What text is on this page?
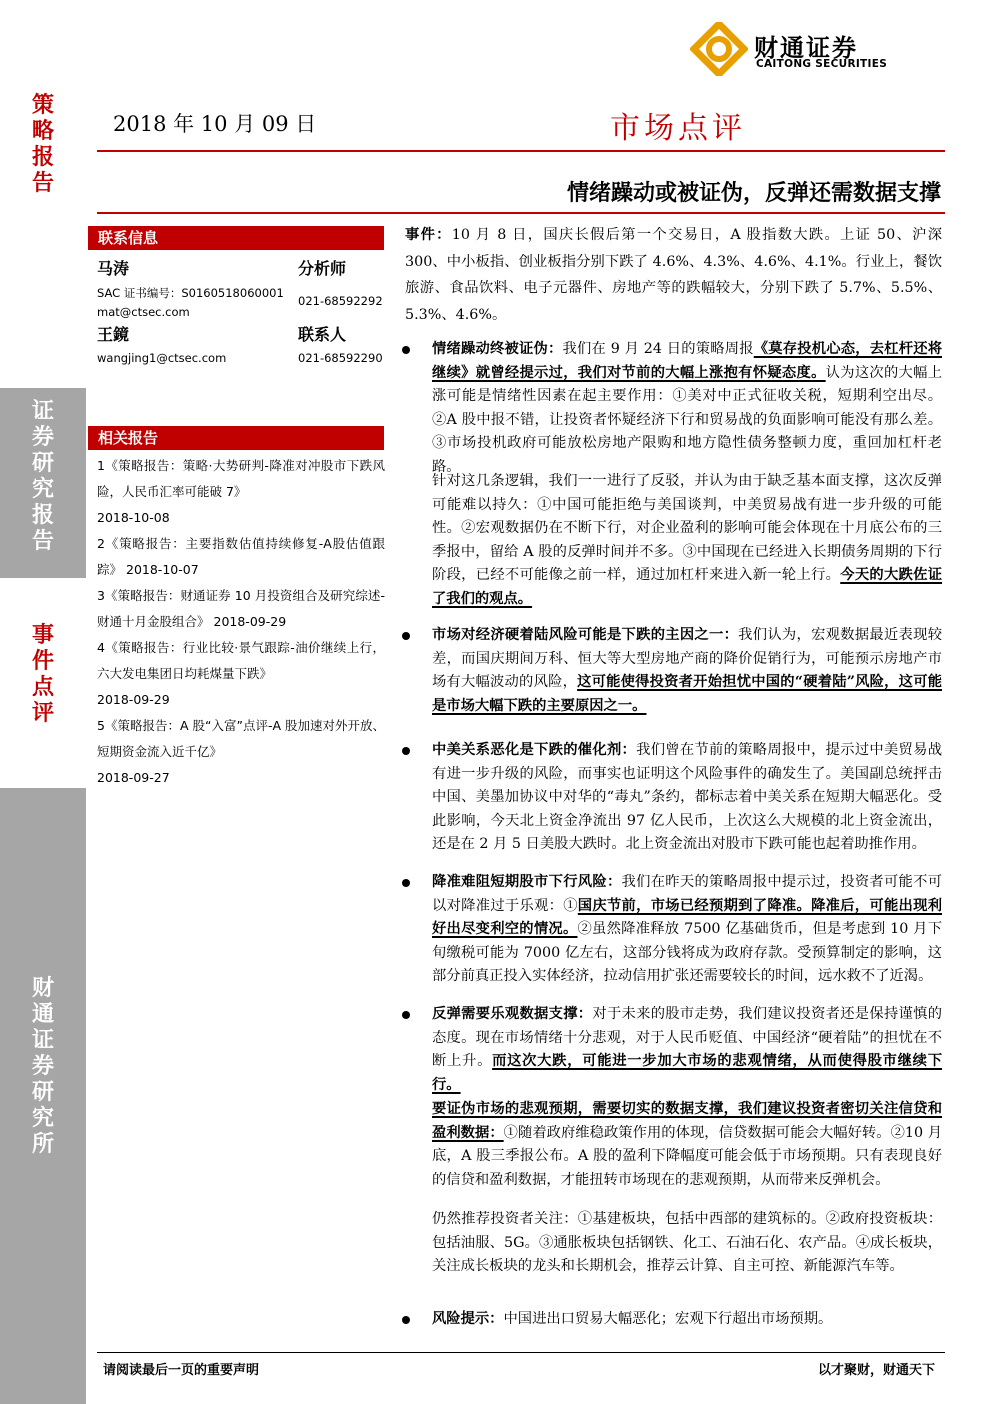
策
略
报
告
证
券
研
究
报
告
事
件
点
评
财
通
证
券
研
究
所
财通证券
CAITONG SECURITIES
2018 年 10 月 09 日	市场点评
情绪躁动或被证伪，反弹还需数据支撑
联系信息
马涛	分析师
SAC 证书编号：S0160518060001
021-68592292
mat@ctsec.com
王鏡	联系人
wangjing1@ctsec.com	021-68592290
相关报告
1《策略报告：策略·大势研判-降准对冲股市下跌风险，人民币汇率可能破 7》
2018-10-08
2《策略报告：主要指数估值持续修复-A股估值跟踪》 2018-10-07
3《策略报告：财通证券 10 月投资组合及研究综述-财通十月金股组合》 2018-09-29
4《策略报告：行业比较·景气跟踪-油价继续上行，六大发电集团日均耗煤量下跌》
2018-09-29
5《策略报告：A 股“入富”点评-A 股加速对外开放、短期资金流入近千亿》
2018-09-27
事件：10 月 8 日，国庆长假后第一个交易日，A 股指数大跌。上证 50、沪深 300、中小板指、创业板指分别下跌了 4.6%、4.3%、4.6%、4.1%。行业上，餐饮旅游、食品饮料、电子元器件、房地产等的跌幅较大，分别下跌了 5.7%、5.5%、5.3%、4.6%。
情绪躁动终被证伪：我们在 9 月 24 日的策略周报《莫存投机心态，去杠杆还将继续》就曾经提示过，我们对节前的大幅上涨抱有怀疑态度。认为这次的大幅上涨可能是情绪性因素在起主要作用：①美对中正式征收关税，短期利空出尽。②A 股中报不错，让投资者怀疑经济下行和贸易战的负面影响可能没有那么差。③市场投机政府可能放松房地产限购和地方隐性债务整顿力度，重回加杠杆老路。
针对这几条逻辑，我们一一进行了反驳，并认为由于缺乏基本面支撑，这次反弹可能难以持久：①中国可能拒绝与美国谈判，中美贸易战有进一步升级的可能性。②宏观数据仍在不断下行，对企业盈利的影响可能会体现在十月底公布的三季报中，留给 A 股的反弹时间并不多。③中国现在已经进入长期债务周期的下行阶段，已经不可能像之前一样，通过加杠杆来进入新一轮上行。今天的大跌佐证了我们的观点。
市场对经济硬着陆风险可能是下跌的主因之一：我们认为，宏观数据最近表现较差，而国庆期间万科、恒大等大型房地产商的降价促销行为，可能预示房地产市场有大幅波动的风险，这可能使得投资者开始担忧中国的“硬着陆”风险，这可能是市场大幅下跌的主要原因之一。
中美关系恶化是下跌的催化剂：我们曾在节前的策略周报中，提示过中美贸易战有进一步升级的风险，而事实也证明这个风险事件的确发生了。美国副总统抨击中国、美墨加协议中对华的“毒丸”条约，都标志着中美关系在短期大幅恶化。受此影响，今天北上资金净流出 97 亿人民币，上次这么大规模的北上资金流出，还是在 2 月 5 日美股大跌时。北上资金流出对股市下跌可能也起着助推作用。
降准难阻短期股市下行风险：我们在昨天的策略周报中提示过，投资者可能不可以对降准过于乐观：①国庆节前，市场已经预期到了降准。降准后，可能出现利好出尽变利空的情况。②虽然降准释放 7500 亿基础货币，但是考虑到 10 月下旬缴税可能为 7000 亿左右，这部分钱将成为政府存款。受预算制定的影响，这部分前真正投入实体经济，拉动信用扩张还需要较长的时间，远水救不了近渴。
反弹需要乐观数据支撑：对于未来的股市走势，我们建议投资者还是保持谨慎的态度。现在市场情绪十分悲观，对于人民币贬值、中国经济“硬着陆”的担忧在不断上升。而这次大跌，可能进一步加大市场的悲观情绪，从而使得股市继续下行。
要证伪市场的悲观预期，需要切实的数据支撑，我们建议投资者密切关注信贷和盈利数据：①随着政府维稳政策作用的体现，信贷数据可能会大幅好转。②10 月底，A 股三季报公布。A 股的盈利下降幅度可能会低于市场预期。只有表现良好的信贷和盈利数据，才能扭转市场现在的悲观预期，从而带来反弹机会。
仍然推荐投资者关注：①基建板块，包括中西部的建筑标的。②政府投资板块：包括油服、5G。③通胀板块包括钢铁、化工、石油石化、农产品。④成长板块，关注成长板块的龙头和长期机会，推荐云计算、自主可控、新能源汽车等。
风险提示：中国进出口贸易大幅恶化；宏观下行超出市场预期。
请阅读最后一页的重要声明	以才聚财，财通天下
